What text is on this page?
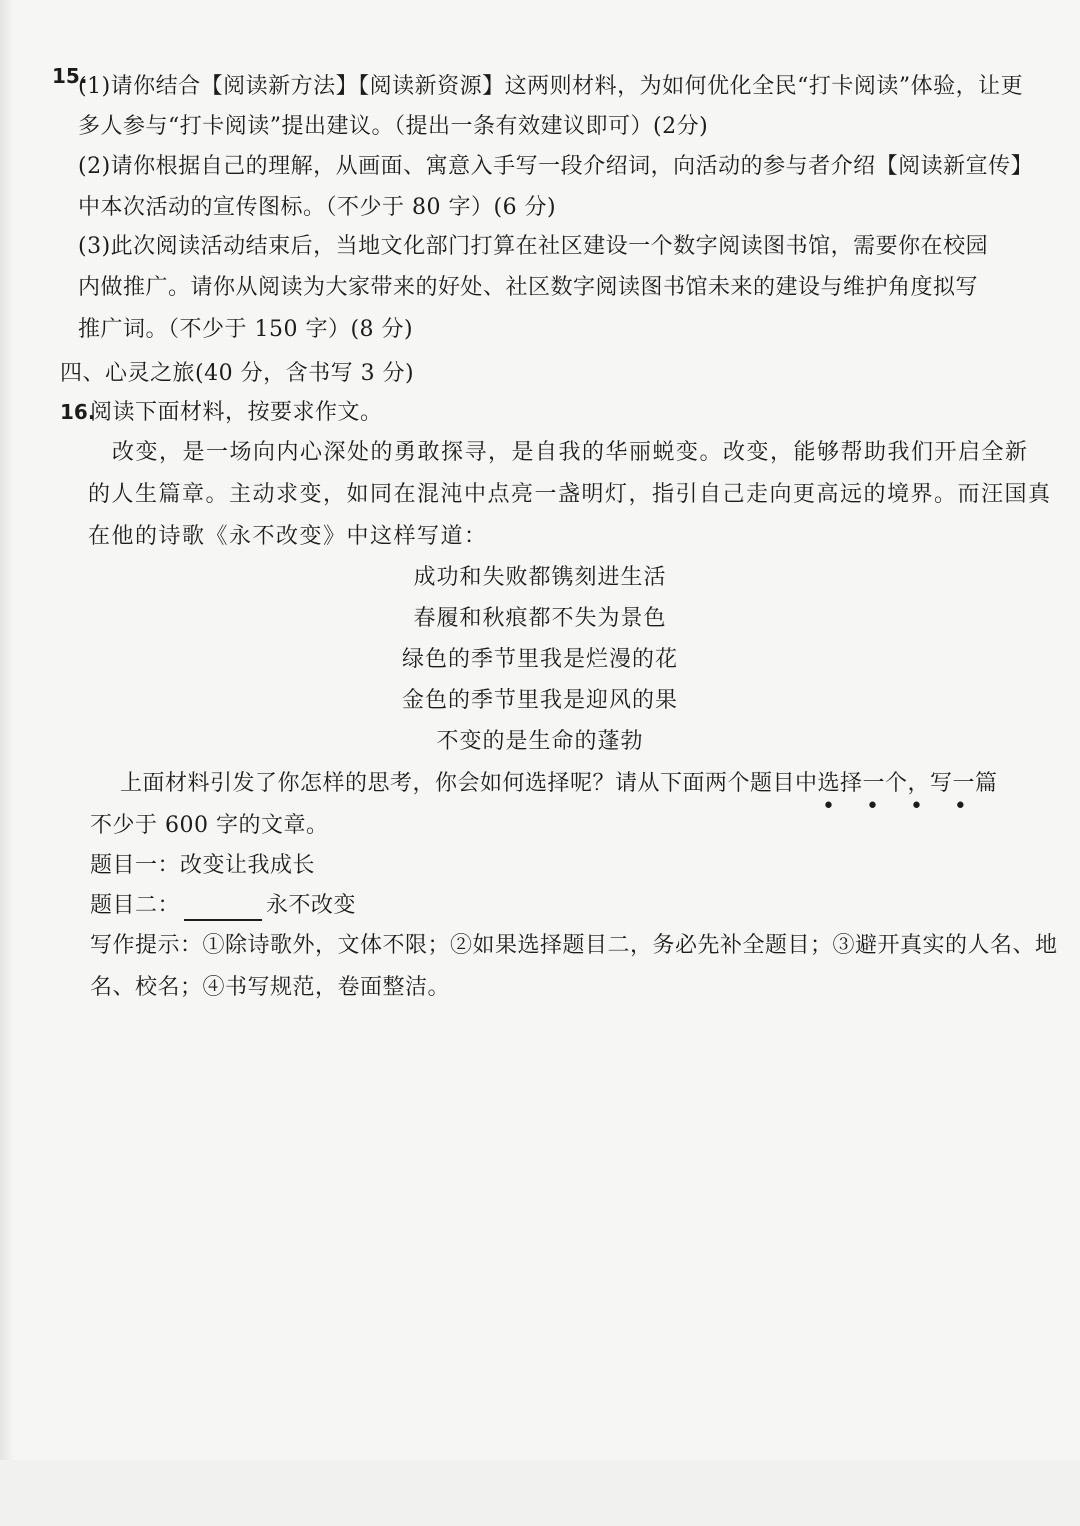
15.
(1)请你结合【阅读新方法】【阅读新资源】这两则材料，为如何优化全民“打卡阅读”体验，让更
多人参与“打卡阅读”提出建议。（提出一条有效建议即可）(2分)
(2)请你根据自己的理解，从画面、寓意入手写一段介绍词，向活动的参与者介绍【阅读新宣传】
中本次活动的宣传图标。（不少于 80 字）(6 分)
(3)此次阅读活动结束后，当地文化部门打算在社区建设一个数字阅读图书馆，需要你在校园
内做推广。请你从阅读为大家带来的好处、社区数字阅读图书馆未来的建设与维护角度拟写
推广词。（不少于 150 字）(8 分)
四、心灵之旅(40 分，含书写 3 分)
16.
阅读下面材料，按要求作文。
改变，是一场向内心深处的勇敢探寻，是自我的华丽蜕变。改变，能够帮助我们开启全新
的人生篇章。主动求变，如同在混沌中点亮一盏明灯，指引自己走向更高远的境界。而汪国真
在他的诗歌《永不改变》中这样写道：
成功和失败都镌刻进生活
春履和秋痕都不失为景色
绿色的季节里我是烂漫的花
金色的季节里我是迎风的果
不变的是生命的蓬勃
上面材料引发了你怎样的思考，你会如何选择呢？请从下面两个题目中选择一个，写一篇
• • • •
不少于 600 字的文章。
题目一：改变让我成长
题目二：	永不改变
写作提示：①除诗歌外，文体不限；②如果选择题目二，务必先补全题目；③避开真实的人名、地
名、校名；④书写规范，卷面整洁。
